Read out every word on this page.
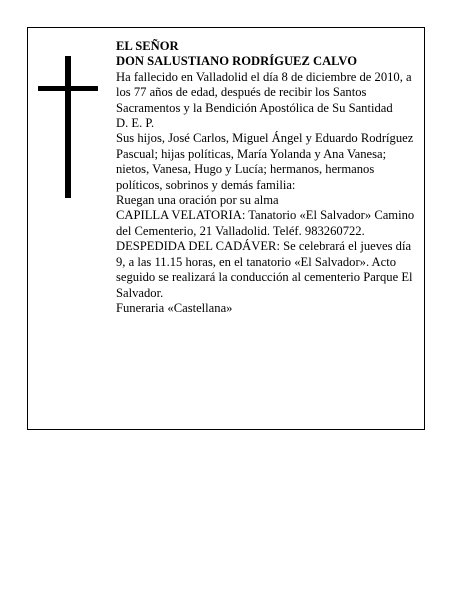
EL SEÑOR

DON SALUSTIANO RODRÍGUEZ CALVO

Ha fallecido en Valladolid el día 8 de diciembre de 2010, a los 77 años de edad, después de recibir los Santos Sacramentos y la Bendición Apostólica de Su Santidad

D. E. P.

Sus hijos, José Carlos, Miguel Ángel y Eduardo Rodríguez Pascual; hijas políticas, María Yolanda y Ana Vanesa; nietos, Vanesa, Hugo y Lucía; hermanos, hermanos políticos, sobrinos y demás familia:

Ruegan una oración por su alma

CAPILLA VELATORIA: Tanatorio «El Salvador» Camino del Cementerio, 21 Valladolid. Teléf. 983260722.

DESPEDIDA DEL CADÁVER: Se celebrará el jueves día 9, a las 11.15 horas, en el tanatorio «El Salvador». Acto seguido se realizará la conducción al cementerio Parque El Salvador.

Funeraria «Castellana»
